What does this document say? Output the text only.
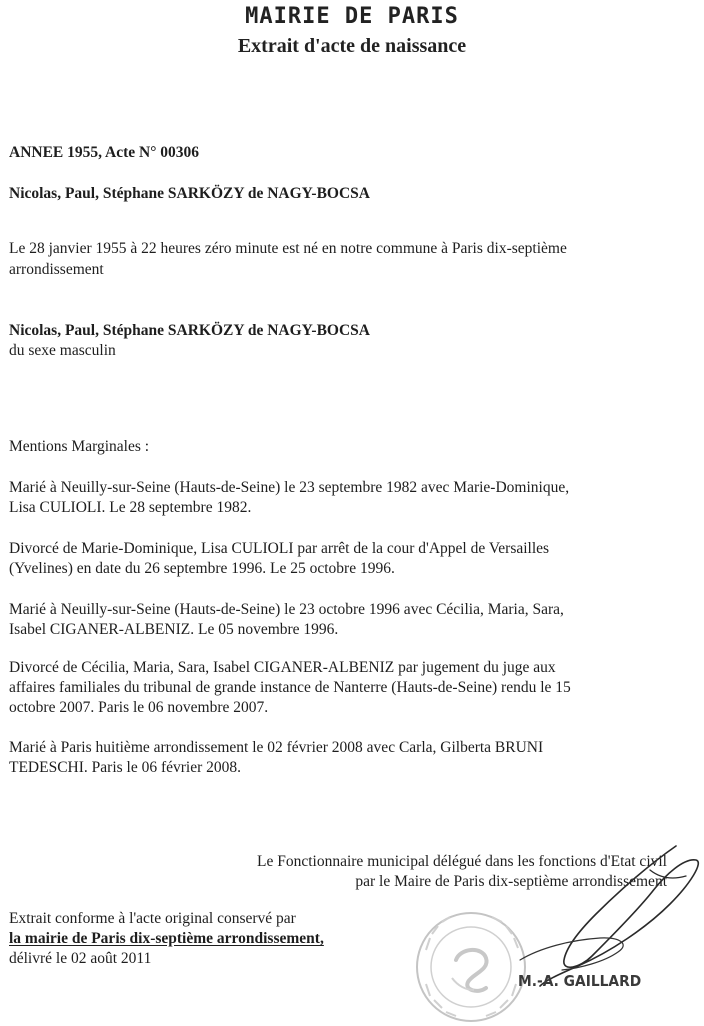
MAIRIE DE PARIS
Extrait d'acte de naissance
ANNEE 1955, Acte N° 00306
Nicolas, Paul, Stéphane SARKÖZY de NAGY-BOCSA
Le 28 janvier 1955 à 22 heures zéro minute est né en notre commune à Paris dix-septième
arrondissement
Nicolas, Paul, Stéphane SARKÖZY de NAGY-BOCSA
du sexe masculin
Mentions Marginales :
Marié à Neuilly-sur-Seine (Hauts-de-Seine) le 23 septembre 1982 avec Marie-Dominique,
Lisa CULIOLI. Le 28 septembre 1982.
Divorcé de Marie-Dominique, Lisa CULIOLI par arrêt de la cour d'Appel de Versailles
(Yvelines) en date du 26 septembre 1996. Le 25 octobre 1996.
Marié à Neuilly-sur-Seine (Hauts-de-Seine) le 23 octobre 1996 avec Cécilia, Maria, Sara,
Isabel CIGANER-ALBENIZ. Le 05 novembre 1996.
Divorcé de Cécilia, Maria, Sara, Isabel CIGANER-ALBENIZ par jugement du juge aux
affaires familiales du tribunal de grande instance de Nanterre (Hauts-de-Seine) rendu le 15
octobre 2007. Paris le 06 novembre 2007.
Marié à Paris huitième arrondissement le 02 février 2008 avec Carla, Gilberta BRUNI
TEDESCHI. Paris le 06 février 2008.
Le Fonctionnaire municipal délégué dans les fonctions d'Etat civil
par le Maire de Paris dix-septième arrondissement
Extrait conforme à l'acte original conservé par
la mairie de Paris dix-septième arrondissement,
délivré le 02 août 2011
M.-A. GAILLARD
